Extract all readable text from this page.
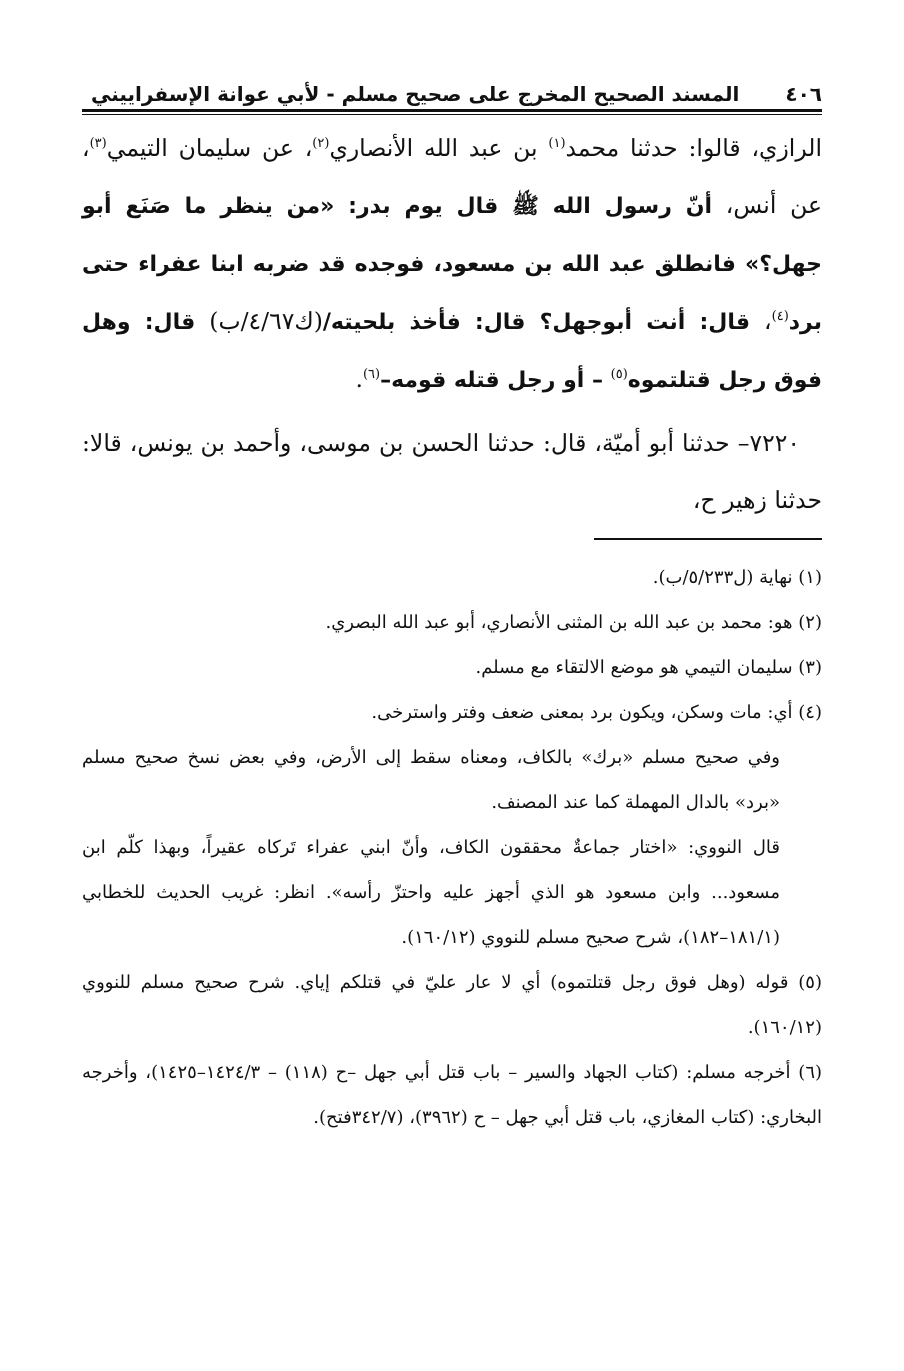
٤٠٦
المسند الصحيح المخرج على صحيح مسلم - لأبي عوانة الإسفراييني

الرازي، قالوا: حدثنا محمد$^{(١)}$ بن عبد الله الأنصاري$^{(٢)}$، عن سليمان التيمي$^{(٣)}$، عن أنس، أنّ رسول الله ﷺ قال يوم بدر: «من ينظر ما صَنَع أبو جهل؟» فانطلق عبد الله بن مسعود، فوجده قد ضربه ابنا عفراء حتى برد$^{(٤)}$، قال: أنت أبوجهل؟ قال: فأخذ بلحيته/(ك٤/٦٧/ب) قال: وهل فوق رجل قتلتموه$^{(٥)}$ – أو رجل قتله قومه–$^{(٦)}$.

٧٢٢٠– حدثنا أبو أميّة، قال: حدثنا الحسن بن موسى، وأحمد بن يونس، قالا: حدثنا زهير ح،

(١) نهاية (ل٥/٢٣٣/ب).

(٢) هو: محمد بن عبد الله بن المثنى الأنصاري، أبو عبد الله البصري.

(٣) سليمان التيمي هو موضع الالتقاء مع مسلم.

(٤) أي: مات وسكن، ويكون برد بمعنى ضعف وفتر واسترخى.

وفي صحيح مسلم «برك» بالكاف، ومعناه سقط إلى الأرض، وفي بعض نسخ صحيح مسلم «برد» بالدال المهملة كما عند المصنف.

قال النووي: «اختار جماعةٌ محققون الكاف، وأنّ ابني عفراء تَركاه عقيراً، وبهذا كلّم ابن مسعود... وابن مسعود هو الذي أجهز عليه واحتزّ رأسه». انظر: غريب الحديث للخطابي (١٨١/١–١٨٢)، شرح صحيح مسلم للنووي (١٦٠/١٢).

(٥) قوله (وهل فوق رجل قتلتموه) أي لا عار عليّ في قتلكم إياي. شرح صحيح مسلم للنووي (١٦٠/١٢).

(٦) أخرجه مسلم: (كتاب الجهاد والسير – باب قتل أبي جهل –ح (١١٨) – ١٤٢٤/٣–١٤٢٥)، وأخرجه البخاري: (كتاب المغازي، باب قتل أبي جهل – ح (٣٩٦٢)، (٣٤٢/٧فتح).
